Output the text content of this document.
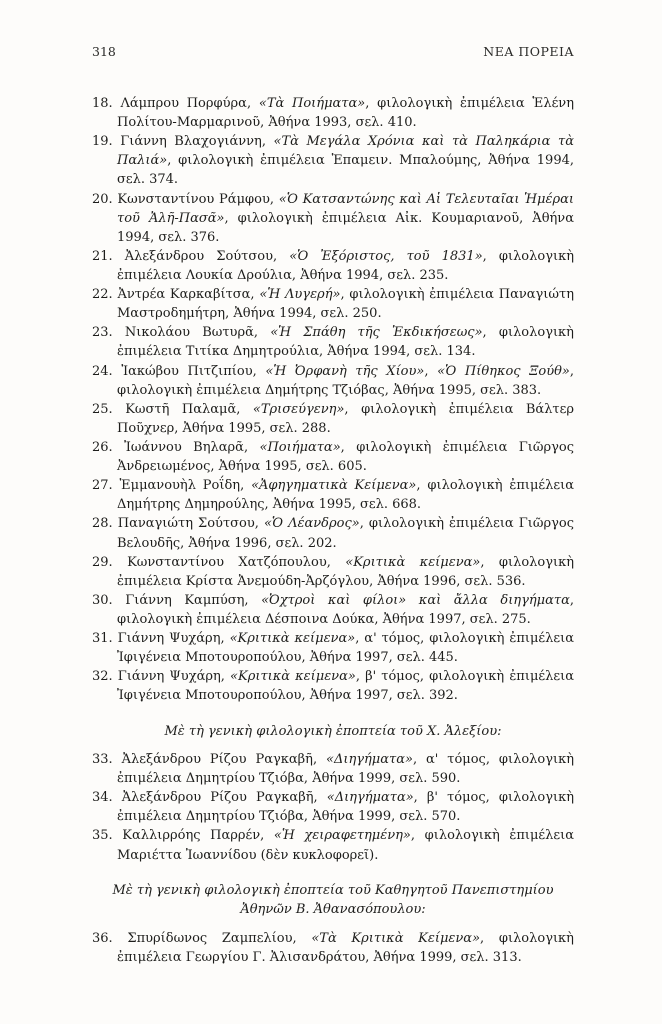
318	ΝΕΑ ΠΟΡΕΙΑ
18. Λάμπρου Πορφύρα, «Τὰ Ποιήματα», φιλολογικὴ ἐπιμέλεια Ἑλένη Πολίτου-Μαρμαρινοῦ, Ἀθήνα 1993, σελ. 410.
19. Γιάννη Βλαχογιάννη, «Τὰ Μεγάλα Χρόνια καὶ τὰ Παληκάρια τὰ Παλιά», φιλολογικὴ ἐπιμέλεια Ἐπαμειν. Μπαλούμης, Ἀθήνα 1994, σελ. 374.
20. Κωνσταντίνου Ράμφου, «Ὁ Κατσαντώνης καὶ Αἱ Τελευταῖαι Ἡμέραι τοῦ Ἀλῆ-Πασᾶ», φιλολογικὴ ἐπιμέλεια Αἰκ. Κουμαριανοῦ, Ἀθήνα 1994, σελ. 376.
21. Ἀλεξάνδρου Σούτσου, «Ὁ Ἐξόριστος, τοῦ 1831», φιλολογικὴ ἐπιμέλεια Λουκία Δρούλια, Ἀθήνα 1994, σελ. 235.
22. Ἀντρέα Καρκαβίτσα, «Ἡ Λυγερή», φιλολογικὴ ἐπιμέλεια Παναγιώτη Μαστροδημήτρη, Ἀθήνα 1994, σελ. 250.
23. Νικολάου Βωτυρᾶ, «Ἡ Σπάθη τῆς Ἐκδικήσεως», φιλολογικὴ ἐπιμέλεια Τιτίκα Δημητρούλια, Ἀθήνα 1994, σελ. 134.
24. Ἰακώβου Πιτζιπίου, «Ἡ Ὀρφανὴ τῆς Χίου», «Ὁ Πίθηκος Ξούθ», φιλολογικὴ ἐπιμέλεια Δημήτρης Τζιόβας, Ἀθήνα 1995, σελ. 383.
25. Κωστῆ Παλαμᾶ, «Τρισεύγενη», φιλολογικὴ ἐπιμέλεια Βάλτερ Ποῦχνερ, Ἀθήνα 1995, σελ. 288.
26. Ἰωάννου Βηλαρᾶ, «Ποιήματα», φιλολογικὴ ἐπιμέλεια Γιῶργος Ἀνδρειωμένος, Ἀθήνα 1995, σελ. 605.
27. Ἐμμανουὴλ Ροΐδη, «Ἀφηγηματικὰ Κείμενα», φιλολογικὴ ἐπιμέλεια Δημήτρης Δημηρούλης, Ἀθήνα 1995, σελ. 668.
28. Παναγιώτη Σούτσου, «Ὁ Λέανδρος», φιλολογικὴ ἐπιμέλεια Γιῶργος Βελουδῆς, Ἀθήνα 1996, σελ. 202.
29. Κωνσταντίνου Χατζόπουλου, «Κριτικὰ κείμενα», φιλολογικὴ ἐπιμέλεια Κρίστα Ἀνεμούδη-Ἀρζόγλου, Ἀθήνα 1996, σελ. 536.
30. Γιάννη Καμπύση, «Ὀχτροὶ καὶ φίλοι» καὶ ἄλλα διηγήματα, φιλολογικὴ ἐπιμέλεια Δέσποινα Δούκα, Ἀθήνα 1997, σελ. 275.
31. Γιάννη Ψυχάρη, «Κριτικὰ κείμενα», α' τόμος, φιλολογικὴ ἐπιμέλεια Ἰφιγένεια Μποτουροπούλου, Ἀθήνα 1997, σελ. 445.
32. Γιάννη Ψυχάρη, «Κριτικὰ κείμενα», β' τόμος, φιλολογικὴ ἐπιμέλεια Ἰφιγένεια Μποτουροπούλου, Ἀθήνα 1997, σελ. 392.
Μὲ τὴ γενικὴ φιλολογικὴ ἐποπτεία τοῦ Χ. Ἀλεξίου:
33. Ἀλεξάνδρου Ρίζου Ραγκαβῆ, «Διηγήματα», α' τόμος, φιλολογικὴ ἐπιμέλεια Δημητρίου Τζιόβα, Ἀθήνα 1999, σελ. 590.
34. Ἀλεξάνδρου Ρίζου Ραγκαβῆ, «Διηγήματα», β' τόμος, φιλολογικὴ ἐπιμέλεια Δημητρίου Τζιόβα, Ἀθήνα 1999, σελ. 570.
35. Καλλιρρόης Παρρέν, «Ἡ χειραφετημένη», φιλολογικὴ ἐπιμέλεια Μαριέττα Ἰωαννίδου (δὲν κυκλοφορεῖ).
Μὲ τὴ γενικὴ φιλολογικὴ ἐποπτεία τοῦ Καθηγητοῦ Πανεπιστημίου Ἀθηνῶν Β. Ἀθανασόπουλου:
36. Σπυρίδωνος Ζαμπελίου, «Τὰ Κριτικὰ Κείμενα», φιλολογικὴ ἐπιμέλεια Γεωργίου Γ. Ἀλισανδράτου, Ἀθήνα 1999, σελ. 313.
